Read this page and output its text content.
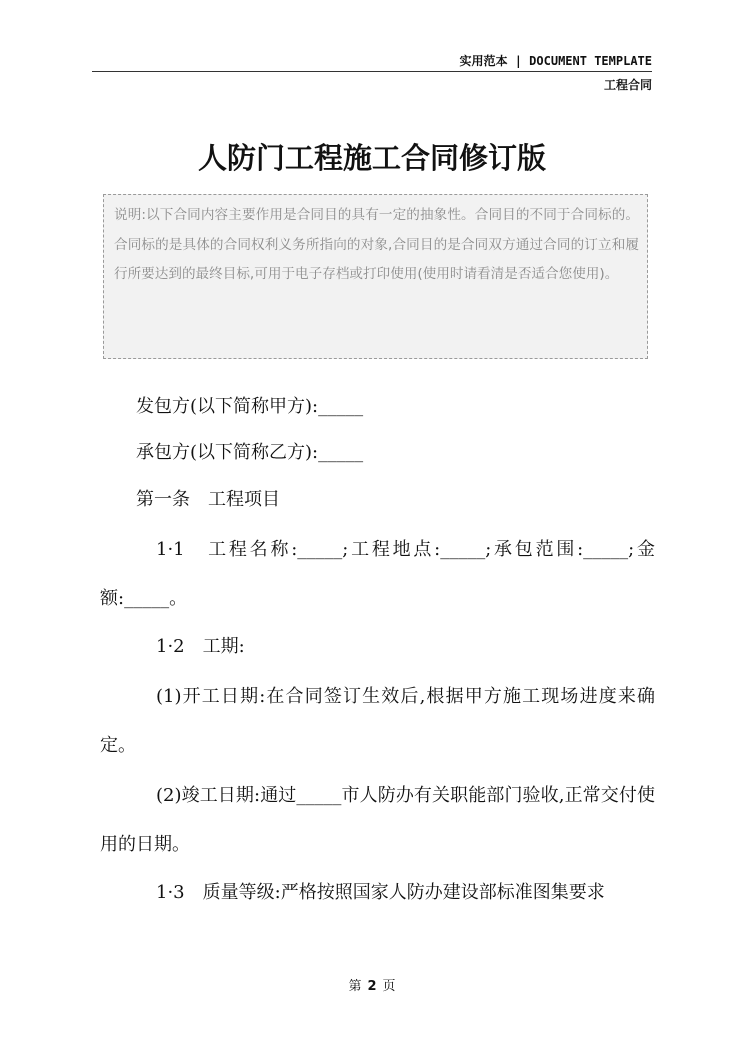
实用范本 | DOCUMENT TEMPLATE
工程合同
人防门工程施工合同修订版
说明:以下合同内容主要作用是合同目的具有一定的抽象性。合同目的不同于合同标的。合同标的是具体的合同权利义务所指向的对象,合同目的是合同双方通过合同的订立和履行所要达到的最终目标,可用于电子存档或打印使用(使用时请看清是否适合您使用)。
发包方(以下简称甲方):_____
承包方(以下简称乙方):_____
第一条　工程项目
1·1　工程名称:_____;工程地点:_____;承包范围:_____;金额:_____。
1·2　工期:
(1)开工日期:在合同签订生效后,根据甲方施工现场进度来确定。
(2)竣工日期:通过_____市人防办有关职能部门验收,正常交付使用的日期。
1·3　质量等级:严格按照国家人防办建设部标准图集要求
第 2 页
